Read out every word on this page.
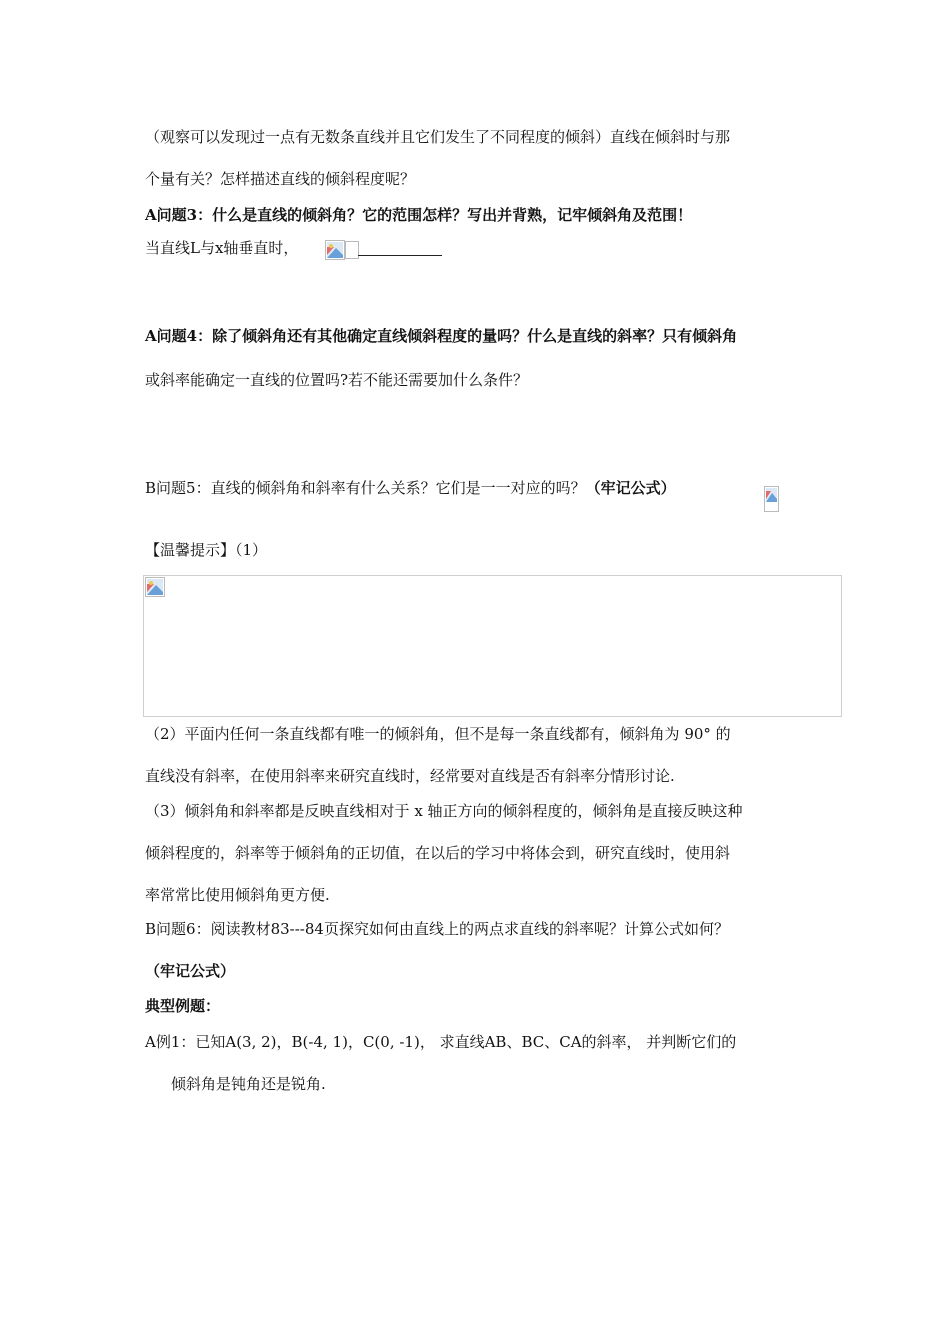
（观察可以发现过一点有无数条直线并且它们发生了不同程度的倾斜）直线在倾斜时与那
个量有关？怎样描述直线的倾斜程度呢？
A问题3：什么是直线的倾斜角？它的范围怎样？写出并背熟，记牢倾斜角及范围！
当直线L与x轴垂直时，
A问题4：除了倾斜角还有其他确定直线倾斜程度的量吗？什么是直线的斜率？只有倾斜角
或斜率能确定一直线的位置吗?若不能还需要加什么条件？
B问题5：直线的倾斜角和斜率有什么关系？它们是一一对应的吗？（牢记公式）
【温馨提示】（1）
（2）平面内任何一条直线都有唯一的倾斜角，但不是每一条直线都有，倾斜角为 90° 的
直线没有斜率，在使用斜率来研究直线时，经常要对直线是否有斜率分情形讨论.
（3）倾斜角和斜率都是反映直线相对于 x 轴正方向的倾斜程度的，倾斜角是直接反映这种
倾斜程度的，斜率等于倾斜角的正切值，在以后的学习中将体会到，研究直线时，使用斜
率常常比使用倾斜角更方便.
B问题6：阅读教材83---84页探究如何由直线上的两点求直线的斜率呢？计算公式如何？
（牢记公式）
典型例题：
A例1：已知A(3, 2)，B(-4, 1)，C(0, -1)， 求直线AB、BC、CA的斜率， 并判断它们的
倾斜角是钝角还是锐角.
